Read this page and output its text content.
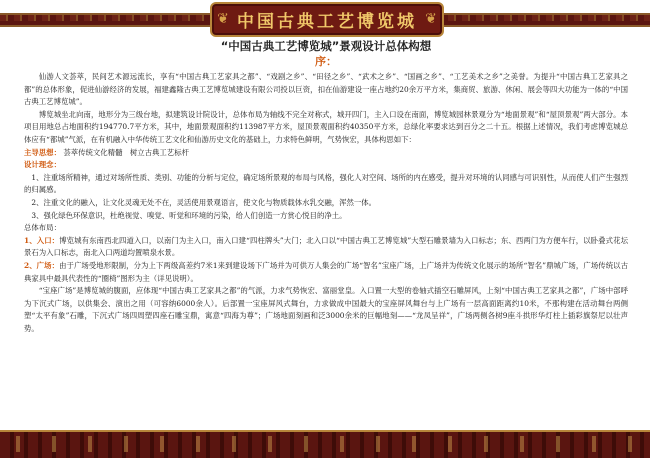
❦ 中国古典工艺博览城 ❦
“中国古典工艺博览城”景观设计总体构想
序：

仙游人文荟萃，民间艺术源远流长，享有“中国古典工艺家具之都”、“戏剧之乡”、“田径之乡”、“武术之乡”、“国画之乡”、“工艺美术之乡”之美誉。为提升“中国古典工艺家具之都”的总体形象，促进仙游经济的发展，福建鑫隆古典工艺博览城建设有限公司投以巨资，扣在仙游建设一座占地约20余万平方米，集商贸、旅游、休闲、展会等四大功能为一体的“中国古典工艺博览城”。

博览城坐北向南，地形分为三级台地，拟建筑设计院设计，总体布局为轴线不完全对称式，城开四门，主入口设在南面，博览城园林景观分为“地面景观”和“屋顶景观”两大部分。本项目用地总占地面积约194770.7平方米，其中，地面景观面积约113987平方米，屋顶景观面积约40350平方米，总绿化率要求达到百分之二十五。根据上述情况，我们考虑博览城总体应有“都城”气派，在有机融入中华传统工艺文化和仙游历史文化的基础上，力求特色鲜明，气势恢宏，具体构思如下：

主导思想： 荟萃传统文化精髓　树立古典工艺标杆

设计理念：

1、注重场所精神，通过对场所性质、类别、功能的分析与定位，确定场所景观的布局与风格，强化人对空间、场所的内在感受，提升对环境的认同感与可识别性，从而使人们产生强烈的归属感。

2、注重文化的融入，让文化灵魂无处不在，灵活使用景观语言，使文化与物质载体水乳交融，浑然一体。

3、强化绿色环保意识，杜绝视觉、嗅觉、听觉和环境的污染，给人们创造一方赏心悦目的净土。

总体布局：

1、入口：博览城有东南西北四道入口，以南门为主入口，南入口建“四柱牌头”大门；北入口以“中国古典工艺博览城”大型石雕景墙为入口标志；东、西两门为方便车行，以卧叠式花坛景石为入口标志，南北入口两道均置喷泉水景。

2、广场：由于广场受地形限制，分为上下两级高差约7米1来到建设场下广场并为可供万人集会的广场“智名”宝座广场，上广场并为传统文化展示的场所“智名”鼎城广场，广场传统以古典家具中最具代表性的“圈椅”图形为主（详见说明）。

“宝座广场”是博览城的腹面，应体现“中国古典工艺家具之都”的气派，力求气势恢宏、富丽堂皇。入口置一大型的卷轴式插空石雕屏风，上刻“中国古典工艺家具之都”，广场中部呼为下沉式广场，以供集会、演出之用（可容纳6000余人）。后部置一宝座屏风式舞台，力求做成中国最大的宝座屏风舞台与上广场有一层高面距离约10米，不那构建在活动舞台两侧塑“太平有象”石雕，下沉式广场四周塑四座石雕宝鼎，寓意“四海为尊”；广场地面刻画和泛3000余米的巨幅地刻——“龙凤呈祥”，广场两侧各树9座斗拱形华灯柱上插彩旗祭尼以壮声势。
